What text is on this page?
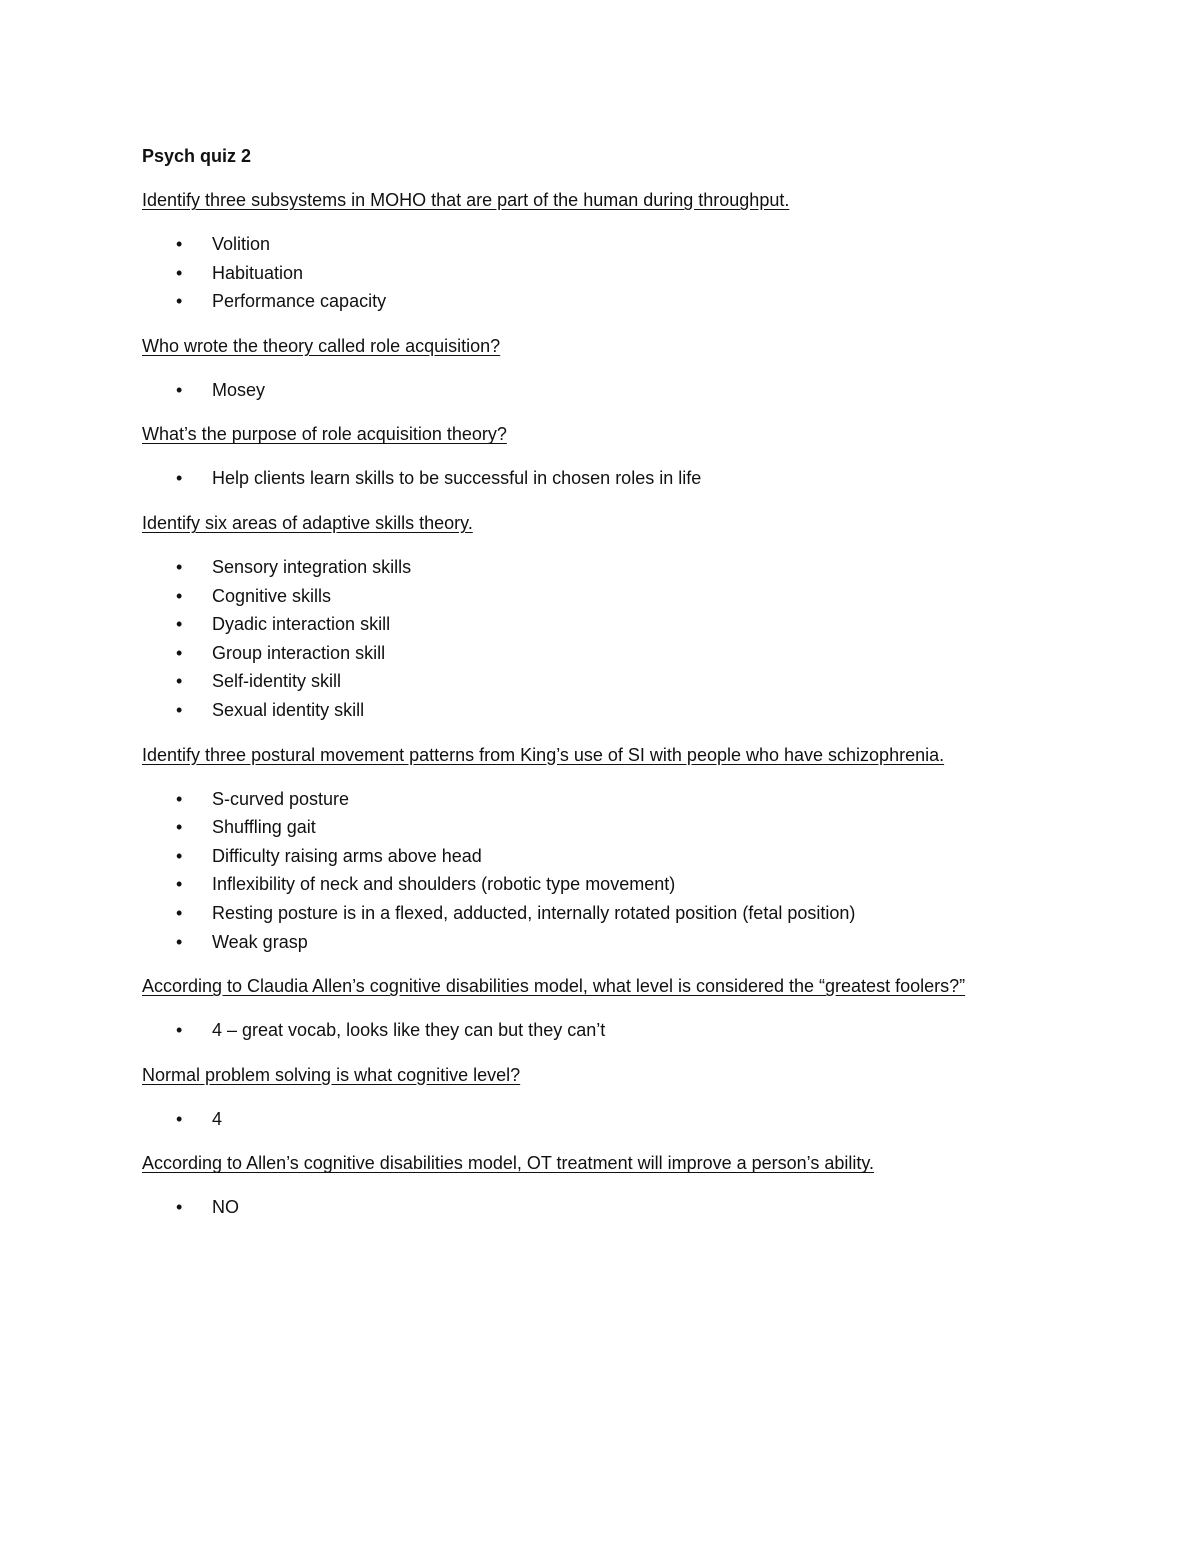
Psych quiz 2
Identify three subsystems in MOHO that are part of the human during throughput.
• Volition
• Habituation
• Performance capacity
Who wrote the theory called role acquisition?
• Mosey
What’s the purpose of role acquisition theory?
• Help clients learn skills to be successful in chosen roles in life
Identify six areas of adaptive skills theory.
• Sensory integration skills
• Cognitive skills
• Dyadic interaction skill
• Group interaction skill
• Self-identity skill
• Sexual identity skill
Identify three postural movement patterns from King’s use of SI with people who have schizophrenia.
• S-curved posture
• Shuffling gait
• Difficulty raising arms above head
• Inflexibility of neck and shoulders (robotic type movement)
• Resting posture is in a flexed, adducted, internally rotated position (fetal position)
• Weak grasp
According to Claudia Allen’s cognitive disabilities model, what level is considered the “greatest foolers?”
• 4 – great vocab, looks like they can but they can’t
Normal problem solving is what cognitive level?
• 4
According to Allen’s cognitive disabilities model, OT treatment will improve a person’s ability.
• NO
